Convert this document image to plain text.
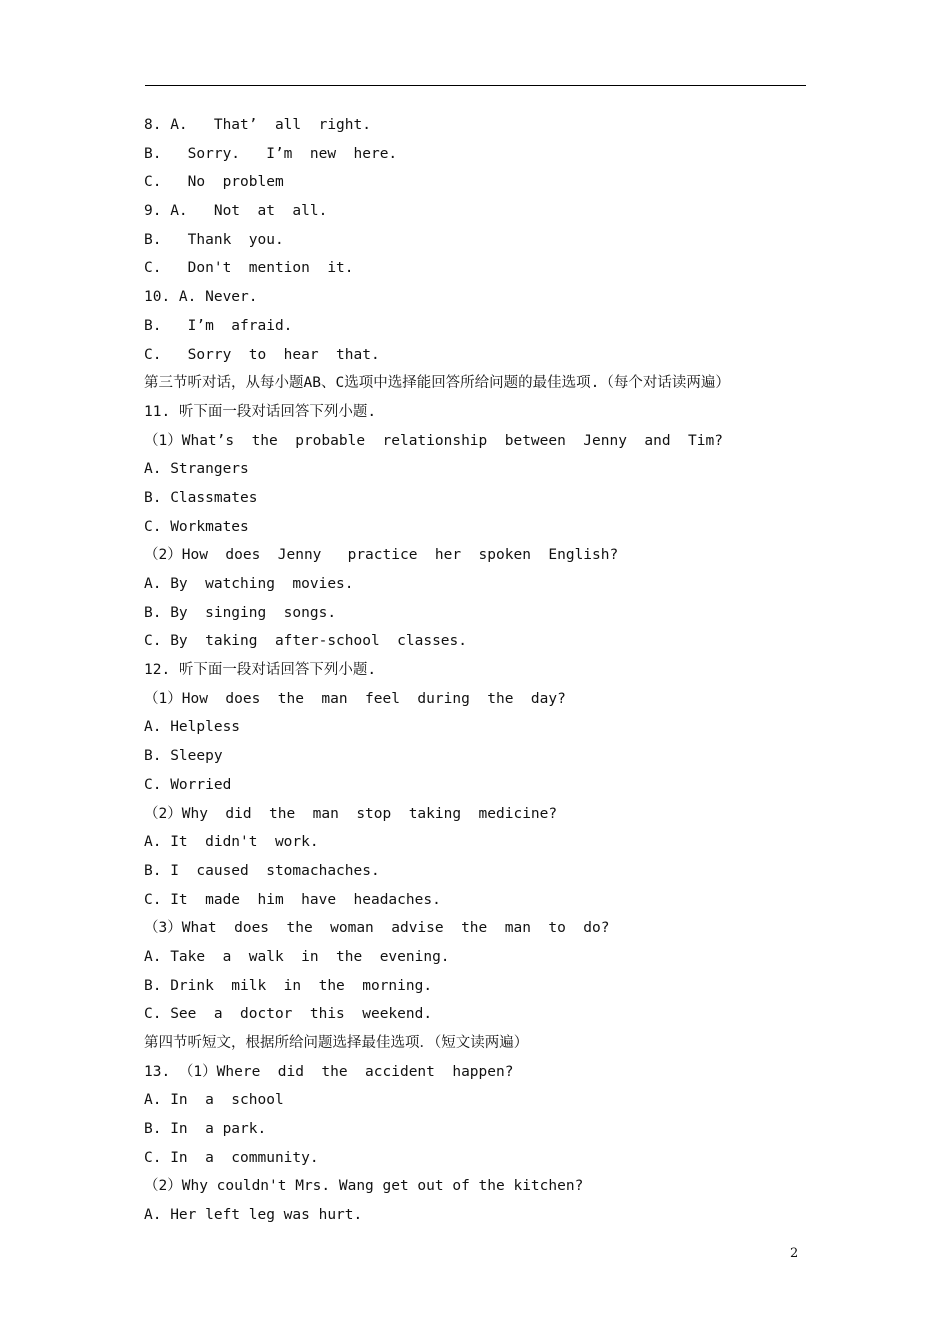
8. A.   That’  all  right.
B.   Sorry.   I’m  new  here.
C.   No  problem
9. A.   Not  at  all.
B.   Thank  you.
C.   Don't  mention  it.
10. A. Never.
B.   I’m  afraid.
C.   Sorry  to  hear  that.
第三节听对话，从每小题AB、C选项中选择能回答所给问题的最佳选项.（每个对话读两遍）
11. 听下面一段对话回答下列小题.
（1）What’s  the  probable  relationship  between  Jenny  and  Tim?
A. Strangers
B. Classmates
C. Workmates
（2）How  does  Jenny   practice  her  spoken  English?
A. By  watching  movies.
B. By  singing  songs.
C. By  taking  after-school  classes.
12. 听下面一段对话回答下列小题.
（1）How  does  the  man  feel  during  the  day?
A. Helpless
B. Sleepy
C. Worried
（2）Why  did  the  man  stop  taking  medicine?
A. It  didn't  work.
B. I  caused  stomachaches.
C. It  made  him  have  headaches.
（3）What  does  the  woman  advise  the  man  to  do?
A. Take  a  walk  in  the  evening.
B. Drink  milk  in  the  morning.
C. See  a  doctor  this  weekend.
第四节听短文，根据所给问题选择最佳选项．（短文读两遍）
13. （1）Where  did  the  accident  happen?
A. In  a  school
B. In  a park.
C. In  a  community.
（2）Why couldn't Mrs. Wang get out of the kitchen?
A. Her left leg was hurt.
2
